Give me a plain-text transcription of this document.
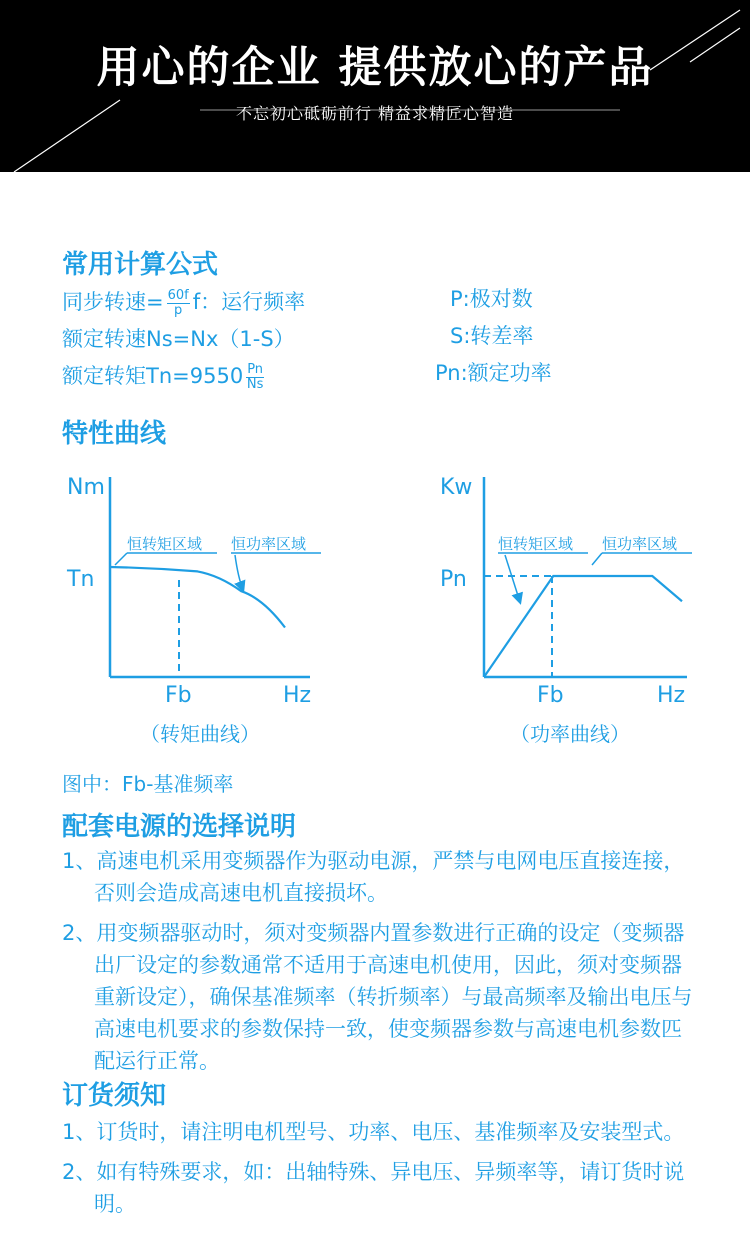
用心的企业 提供放心的产品
不忘初心砥砺前行 精益求精匠心智造
常用计算公式
同步转速= $\frac{60f}{p}$ f：运行频率
额定转速Ns=Nx（1-S）
额定转矩$Tn=9550 \frac{Pn}{Ns}$
P:极对数
S:转差率
Pn:额定功率
特性曲线
Nm
Tn
Fb	Hz
恒转矩区域 恒功率区域
（转矩曲线）
Kw
Pn
Fb	Hz
恒转矩区域 恒功率区域
（功率曲线）
图中：Fb-基准频率
配套电源的选择说明
1、高速电机采用变频器作为驱动电源，严禁与电网电压直接连接，否则会造成高速电机直接损坏。
2、用变频器驱动时，须对变频器内置参数进行正确的设定（变频器出厂设定的参数通常不适用于高速电机使用，因此，须对变频器重新设定），确保基准频率（转折频率）与最高频率及输出电压与高速电机要求的参数保持一致，使变频器参数与高速电机参数匹配运行正常。
订货须知
1、订货时，请注明电机型号、功率、电压、基准频率及安装型式。
2、如有特殊要求，如：出轴特殊、异电压、异频率等，请订货时说明。
